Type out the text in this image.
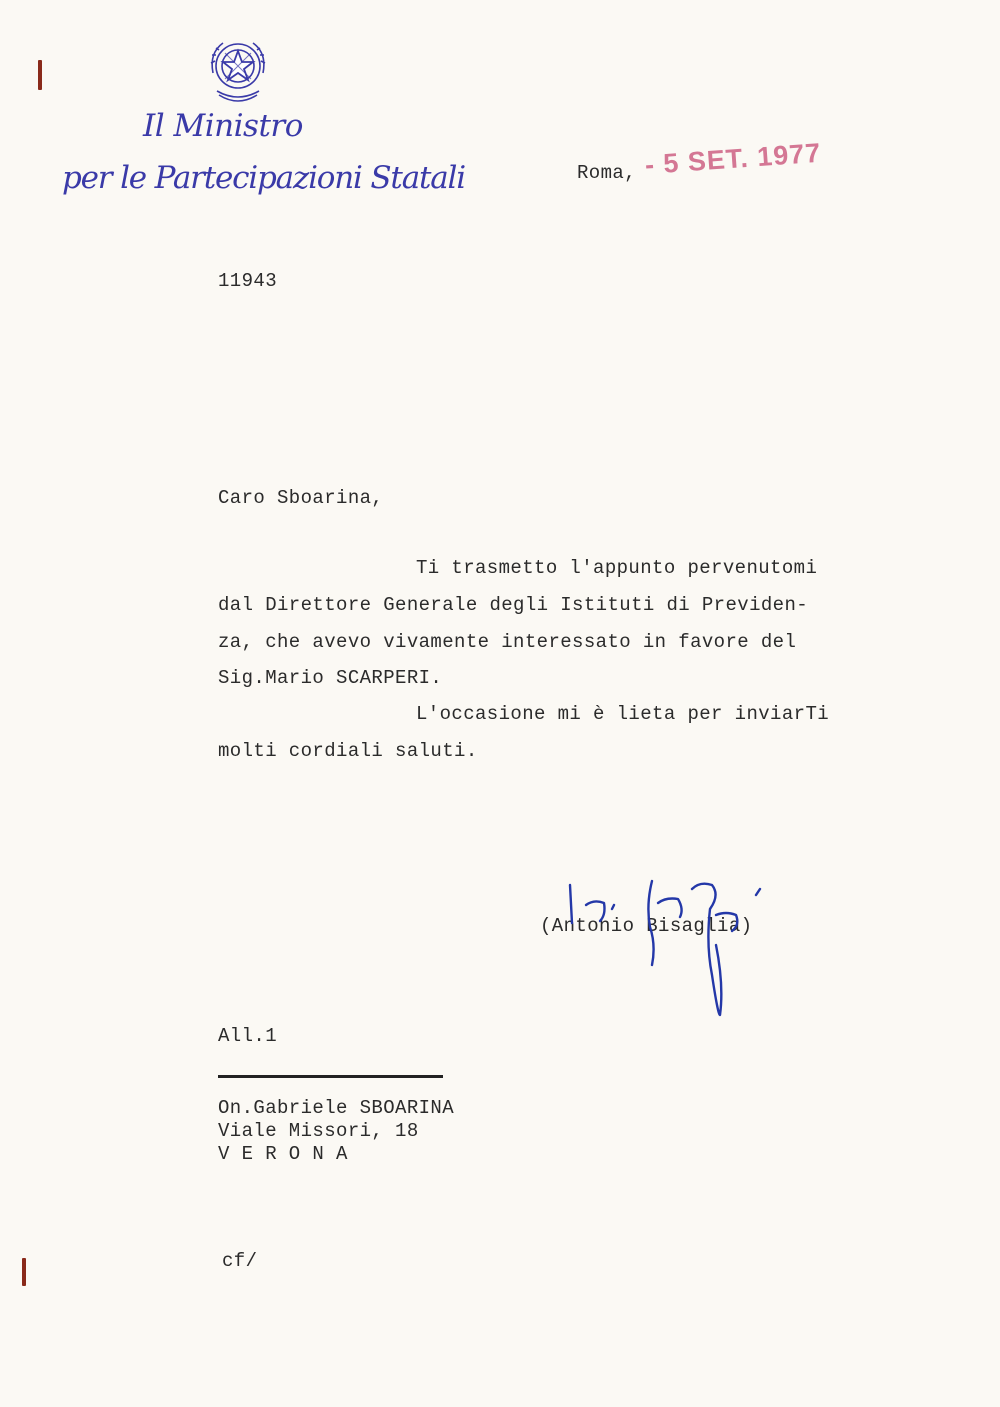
Il Ministro
per le Partecipazioni Statali	Roma, - 5 SET. 1977
11943
Caro Sboarina,
Ti trasmetto l'appunto pervenutomi
dal Direttore Generale degli Istituti di Previden-
za, che avevo vivamente interessato in favore del
Sig.Mario SCARPERI.
L'occasione mi è lieta per inviarTi
molti cordiali saluti.
(Antonio Bisaglia)
All.1
On.Gabriele SBOARINA
Viale Missori, 18
V E R O N A
cf/
